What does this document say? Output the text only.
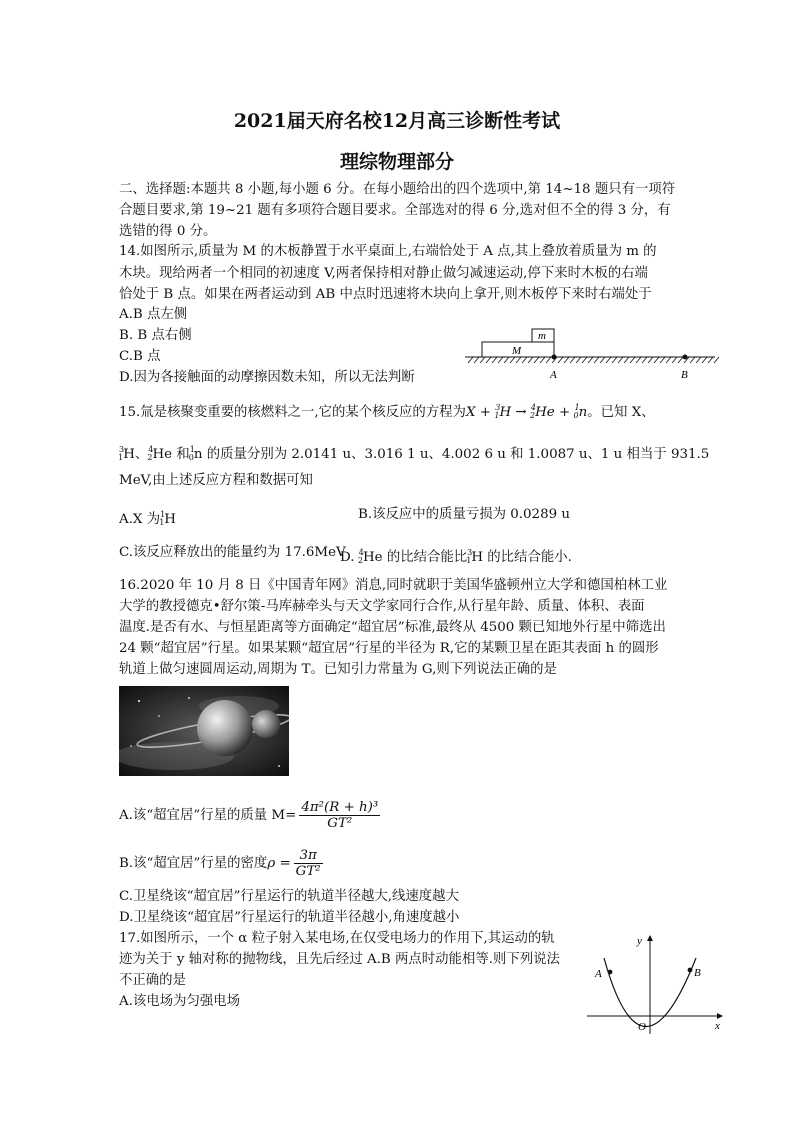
2021届天府名校12月高三诊断性考试
理综物理部分
二、选择题:本题共 8 小题,每小题 6 分。在每小题给出的四个选项中,第 14~18 题只有一项符
合题目要求,第 19~21 题有多项符合题目要求。全部选对的得 6 分,选对但不全的得 3 分，有
选错的得 0 分。
14.如图所示,质量为 M 的木板静置于水平桌面上,右端恰处于 A 点,其上叠放着质量为 m 的
木块。现给两者一个相同的初速度 V,两者保持相对静止做匀减速运动,停下来时木板的右端
恰处于 B 点。如果在两者运动到 AB 中点时迅速将木块向上拿开,则木板停下来时右端处于
A.B 点左侧
B. B 点右侧
C.B 点
D.因为各接触面的动摩擦因数未知，所以无法判断
M
m
A	B
15.氚是核聚变重要的核燃料之一,它的某个核反应的方程为X + $^3_1$H → $^4_2$He + $^1_0$n。已知 X、
$^3_1$H、$^4_2$He 和$^1_0$n 的质量分别为 2.0141 u、3.016 1 u、4.002 6 u 和 1.0087 u、1 u 相当于 931.5
MeV,由上述反应方程和数据可知
A.X 为$^1_1$H	B.该反应中的质量亏损为 0.0289 u
C.该反应释放出的能量约为 17.6MeV
D. $^4_2$He 的比结合能比$^3_1$H 的比结合能小.
16.2020 年 10 月 8 日《中国青年网》消息,同时就职于美国华盛顿州立大学和德国柏林工业
大学的教授德克•舒尔策-马库赫牵头与天文学家同行合作,从行星年龄、质量、体积、表面
温度.是否有水、与恒星距离等方面确定“超宜居”标准,最终从 4500 颗已知地外行星中筛选出
24 颗“超宜居”行星。如果某颗“超宜居”行星的半径为 R,它的某颗卫星在距其表面 h 的圆形
轨道上做匀速圆周运动,周期为 T。已知引力常量为 G,则下列说法正确的是
A.该“超宜居”行星的质量 $M= \frac{\text{4π²(R + h)³}}{\text{GT²}}$
B.该“超宜居”行星的密度$\rho = \frac{3\pi}{\text{GT²}}$
C.卫星绕该“超宜居”行星运行的轨道半径越大,线速度越大
D.卫星绕该“超宜居”行星运行的轨道半径越小,角速度越小
17.如图所示，一个 α 粒子射入某电场,在仅受电场力的作用下,其运动的轨
迹为关于 y 轴对称的抛物线，且先后经过 A.B 两点时动能相等.则下列说法
不正确的是
A.该电场为匀强电场
y
x
O
A	B
